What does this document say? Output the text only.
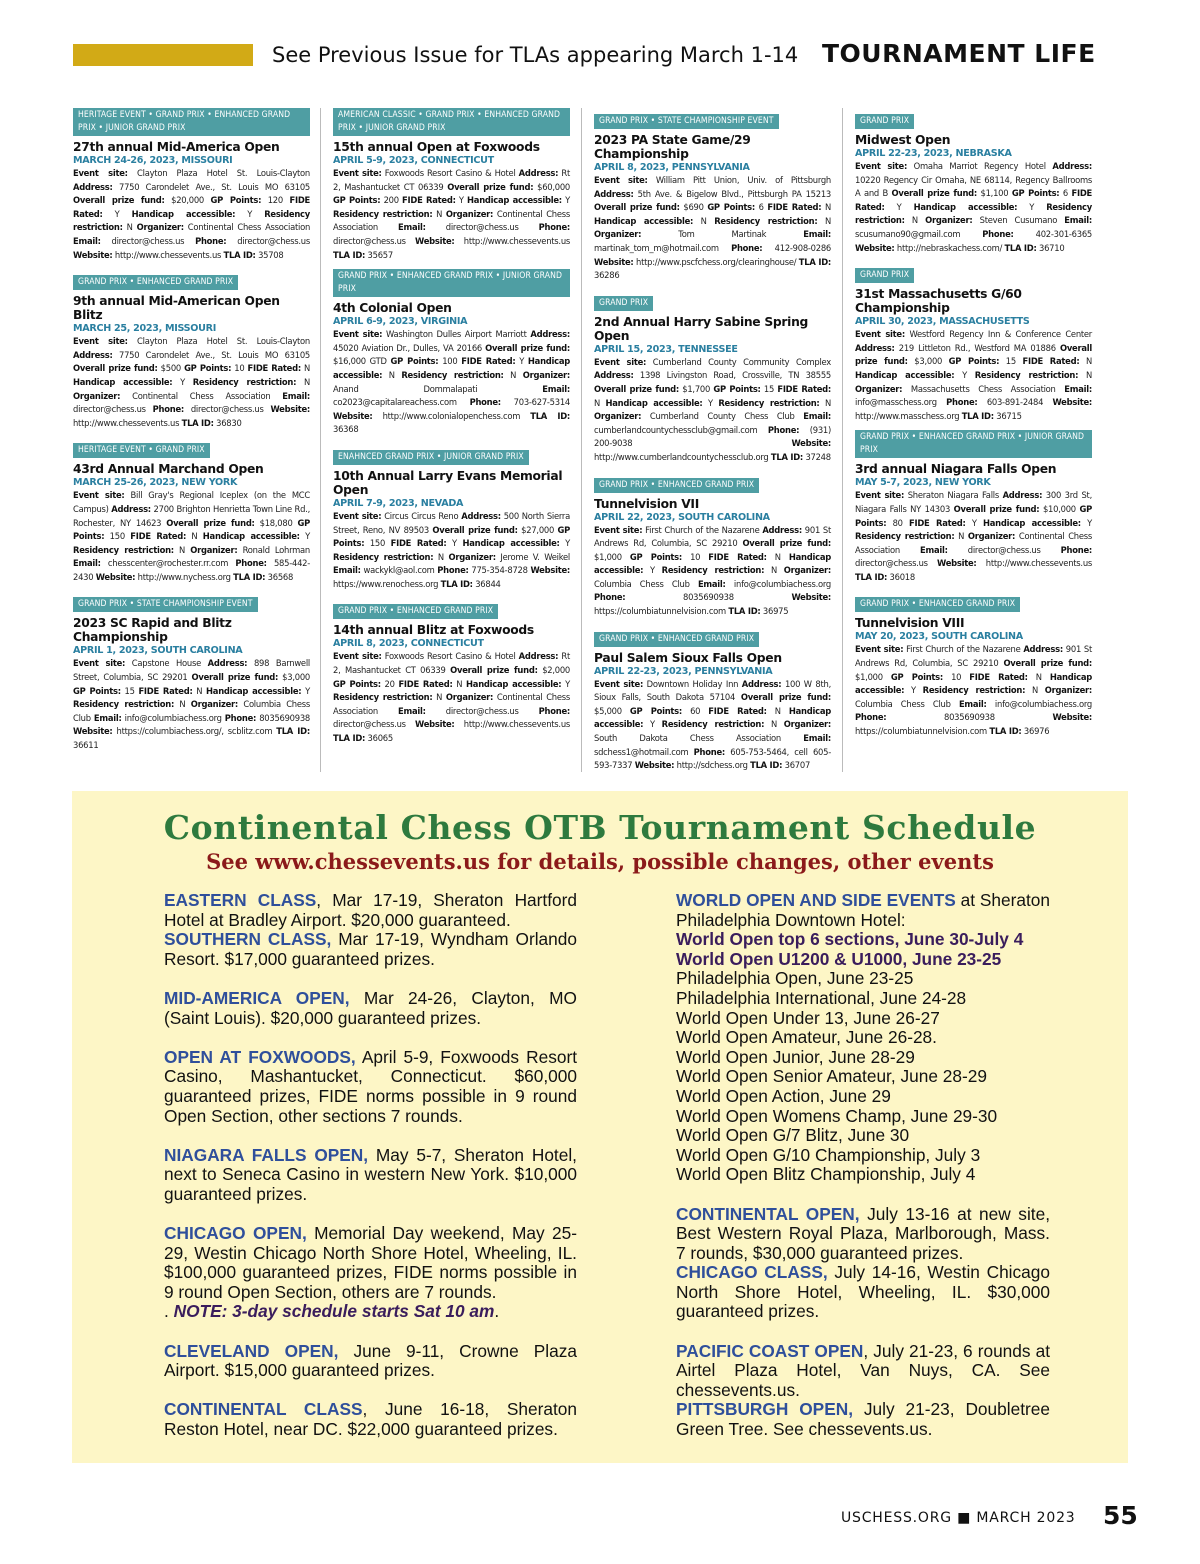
See Previous Issue for TLAs appearing March 1-14 TOURNAMENT LIFE
HERITAGE EVENT • GRAND PRIX • ENHANCED GRAND PRIX • JUNIOR GRAND PRIX
27th annual Mid-America Open
MARCH 24-26, 2023, MISSOURI
Event site: Clayton Plaza Hotel St. Louis-Clayton Address: 7750 Carondelet Ave., St. Louis MO 63105 Overall prize fund: $20,000 GP Points: 120 FIDE Rated: Y Handicap accessible: Y Residency restriction: N Organizer: Continental Chess Association Email: director@chess.us Phone: director@chess.us Website: http://www.chessevents.us TLA ID: 35708
GRAND PRIX • ENHANCED GRAND PRIX
9th annual Mid-American Open Blitz
MARCH 25, 2023, MISSOURI
Event site: Clayton Plaza Hotel St. Louis-Clayton Address: 7750 Carondelet Ave., St. Louis MO 63105 Overall prize fund: $500 GP Points: 10 FIDE Rated: N Handicap accessible: Y Residency restriction: N Organizer: Continental Chess Association Email: director@chess.us Phone: director@chess.us Website: http://www.chessevents.us TLA ID: 36830
HERITAGE EVENT • GRAND PRIX
43rd Annual Marchand Open
MARCH 25-26, 2023, NEW YORK
Event site: Bill Gray's Regional Iceplex (on the MCC Campus) Address: 2700 Brighton Henrietta Town Line Rd., Rochester, NY 14623 Overall prize fund: $18,080 GP Points: 150 FIDE Rated: N Handicap accessible: Y Residency restriction: N Organizer: Ronald Lohrman Email: chesscenter@rochester.rr.com Phone: 585-442-2430 Website: http://www.nychess.org TLA ID: 36568
GRAND PRIX • STATE CHAMPIONSHIP EVENT
2023 SC Rapid and Blitz Championship
APRIL 1, 2023, SOUTH CAROLINA
Event site: Capstone House Address: 898 Barnwell Street, Columbia, SC 29201 Overall prize fund: $3,000 GP Points: 15 FIDE Rated: N Handicap accessible: Y Residency restriction: N Organizer: Columbia Chess Club Email: info@columbiachess.org Phone: 8035690938 Website: https://columbiachess.org/, scblitz.com TLA ID: 36611
AMERICAN CLASSIC • GRAND PRIX • ENHANCED GRAND PRIX • JUNIOR GRAND PRIX
15th annual Open at Foxwoods
APRIL 5-9, 2023, CONNECTICUT
Event site: Foxwoods Resort Casino & Hotel Address: Rt 2, Mashantucket CT 06339 Overall prize fund: $60,000 GP Points: 200 FIDE Rated: Y Handicap accessible: Y Residency restriction: N Organizer: Continental Chess Association Email: director@chess.us Phone: director@chess.us Website: http://www.chessevents.us TLA ID: 35657
GRAND PRIX • ENHANCED GRAND PRIX • JUNIOR GRAND PRIX
4th Colonial Open
APRIL 6-9, 2023, VIRGINIA
Event site: Washington Dulles Airport Marriott Address: 45020 Aviation Dr., Dulles, VA 20166 Overall prize fund: $16,000 GTD GP Points: 100 FIDE Rated: Y Handicap accessible: N Residency restriction: N Organizer: Anand Dommalapati Email: co2023@capitalareachess.com Phone: 703-627-5314 Website: http://www.colonialopenchess.com TLA ID: 36368
ENAHNCED GRAND PRIX • JUNIOR GRAND PRIX
10th Annual Larry Evans Memorial Open
APRIL 7-9, 2023, NEVADA
Event site: Circus Circus Reno Address: 500 North Sierra Street, Reno, NV 89503 Overall prize fund: $27,000 GP Points: 150 FIDE Rated: Y Handicap accessible: Y Residency restriction: N Organizer: Jerome V. Weikel Email: wackykl@aol.com Phone: 775-354-8728 Website: https://www.renochess.org TLA ID: 36844
GRAND PRIX • ENHANCED GRAND PRIX
14th annual Blitz at Foxwoods
APRIL 8, 2023, CONNECTICUT
Event site: Foxwoods Resort Casino & Hotel Address: Rt 2, Mashantucket CT 06339 Overall prize fund: $2,000 GP Points: 20 FIDE Rated: N Handicap accessible: Y Residency restriction: N Organizer: Continental Chess Association Email: director@chess.us Phone: director@chess.us Website: http://www.chessevents.us TLA ID: 36065
GRAND PRIX • STATE CHAMPIONSHIP EVENT
2023 PA State Game/29 Championship
APRIL 8, 2023, PENNSYLVANIA
Event site: William Pitt Union, Univ. of Pittsburgh Address: 5th Ave. & Bigelow Blvd., Pittsburgh PA 15213 Overall prize fund: $690 GP Points: 6 FIDE Rated: N Handicap accessible: N Residency restriction: N Organizer: Tom Martinak Email: martinak_tom_m@hotmail.com Phone: 412-908-0286 Website: http://www.pscfchess.org/clearinghouse/ TLA ID: 36286
GRAND PRIX
2nd Annual Harry Sabine Spring Open
APRIL 15, 2023, TENNESSEE
Event site: Cumberland County Community Complex Address: 1398 Livingston Road, Crossville, TN 38555 Overall prize fund: $1,700 GP Points: 15 FIDE Rated: N Handicap accessible: Y Residency restriction: N Organizer: Cumberland County Chess Club Email: cumberlandcountychessclub@gmail.com Phone: (931) 200-9038 Website: http://www.cumberlandcountychessclub.org TLA ID: 37248
GRAND PRIX • ENHANCED GRAND PRIX
Tunnelvision VII
APRIL 22, 2023, SOUTH CAROLINA
Event site: First Church of the Nazarene Address: 901 St Andrews Rd, Columbia, SC 29210 Overall prize fund: $1,000 GP Points: 10 FIDE Rated: N Handicap accessible: Y Residency restriction: N Organizer: Columbia Chess Club Email: info@columbiachess.org Phone: 8035690938 Website: https://columbiatunnelvision.com TLA ID: 36975
GRAND PRIX • ENHANCED GRAND PRIX
Paul Salem Sioux Falls Open
APRIL 22-23, 2023, PENNSYLVANIA
Event site: Downtown Holiday Inn Address: 100 W 8th, Sioux Falls, South Dakota 57104 Overall prize fund: $5,000 GP Points: 60 FIDE Rated: N Handicap accessible: Y Residency restriction: N Organizer: South Dakota Chess Association Email: sdchess1@hotmail.com Phone: 605-753-5464, cell 605-593-7337 Website: http://sdchess.org TLA ID: 36707
GRAND PRIX
Midwest Open
APRIL 22-23, 2023, NEBRASKA
Event site: Omaha Marriot Regency Hotel Address: 10220 Regency Cir Omaha, NE 68114, Regency Ballrooms A and B Overall prize fund: $1,100 GP Points: 6 FIDE Rated: Y Handicap accessible: Y Residency restriction: N Organizer: Steven Cusumano Email: scusumano90@gmail.com Phone: 402-301-6365 Website: http://nebraskachess.com/ TLA ID: 36710
GRAND PRIX
31st Massachusetts G/60 Championship
APRIL 30, 2023, MASSACHUSETTS
Event site: Westford Regency Inn & Conference Center Address: 219 Littleton Rd., Westford MA 01886 Overall prize fund: $3,000 GP Points: 15 FIDE Rated: N Handicap accessible: Y Residency restriction: N Organizer: Massachusetts Chess Association Email: info@masschess.org Phone: 603-891-2484 Website: http://www.masschess.org TLA ID: 36715
GRAND PRIX • ENHANCED GRAND PRIX • JUNIOR GRAND PRIX
3rd annual Niagara Falls Open
MAY 5-7, 2023, NEW YORK
Event site: Sheraton Niagara Falls Address: 300 3rd St, Niagara Falls NY 14303 Overall prize fund: $10,000 GP Points: 80 FIDE Rated: Y Handicap accessible: Y Residency restriction: N Organizer: Continental Chess Association Email: director@chess.us Phone: director@chess.us Website: http://www.chessevents.us TLA ID: 36018
GRAND PRIX • ENHANCED GRAND PRIX
Tunnelvision VIII
MAY 20, 2023, SOUTH CAROLINA
Event site: First Church of the Nazarene Address: 901 St Andrews Rd, Columbia, SC 29210 Overall prize fund: $1,000 GP Points: 10 FIDE Rated: N Handicap accessible: Y Residency restriction: N Organizer: Columbia Chess Club Email: info@columbiachess.org Phone: 8035690938 Website: https://columbiatunnelvision.com TLA ID: 36976
Continental Chess OTB Tournament Schedule
See www.chessevents.us for details, possible changes, other events

EASTERN CLASS, Mar 17-19, Sheraton Hartford Hotel at Bradley Airport. $20,000 guaranteed.

SOUTHERN CLASS, Mar 17-19, Wyndham Orlando Resort. $17,000 guaranteed prizes.

MID-AMERICA OPEN, Mar 24-26, Clayton, MO (Saint Louis). $20,000 guaranteed prizes.

OPEN AT FOXWOODS, April 5-9, Foxwoods Resort Casino, Mashantucket, Connecticut. $60,000 guaranteed prizes, FIDE norms possible in 9 round Open Section, other sections 7 rounds.

NIAGARA FALLS OPEN, May 5-7, Sheraton Hotel, next to Seneca Casino in western New York. $10,000 guaranteed prizes.

CHICAGO OPEN, Memorial Day weekend, May 25-29, Westin Chicago North Shore Hotel, Wheeling, IL. $100,000 guaranteed prizes, FIDE norms possible in 9 round Open Section, others are 7 rounds.

. NOTE: 3-day schedule starts Sat 10 am.

CLEVELAND OPEN, June 9-11, Crowne Plaza Airport. $15,000 guaranteed prizes.

CONTINENTAL CLASS, June 16-18, Sheraton Reston Hotel, near DC. $22,000 guaranteed prizes.

WORLD OPEN AND SIDE EVENTS at Sheraton Philadelphia Downtown Hotel:

World Open top 6 sections, June 30-July 4
World Open U1200 & U1000, June 23-25
Philadelphia Open, June 23-25
Philadelphia International, June 24-28
World Open Under 13, June 26-27
World Open Amateur, June 26-28.
World Open Junior, June 28-29
World Open Senior Amateur, June 28-29
World Open Action, June 29
World Open Womens Champ, June 29-30
World Open G/7 Blitz, June 30
World Open G/10 Championship, July 3
World Open Blitz Championship, July 4

CONTINENTAL OPEN, July 13-16 at new site, Best Western Royal Plaza, Marlborough, Mass. 7 rounds, $30,000 guaranteed prizes.

CHICAGO CLASS, July 14-16, Westin Chicago North Shore Hotel, Wheeling, IL. $30,000 guaranteed prizes.

PACIFIC COAST OPEN, July 21-23, 6 rounds at Airtel Plaza Hotel, Van Nuys, CA. See chessevents.us.

PITTSBURGH OPEN, July 21-23, Doubletree Green Tree. See chessevents.us.

USCHESS.ORG ■ MARCH 2023 55
